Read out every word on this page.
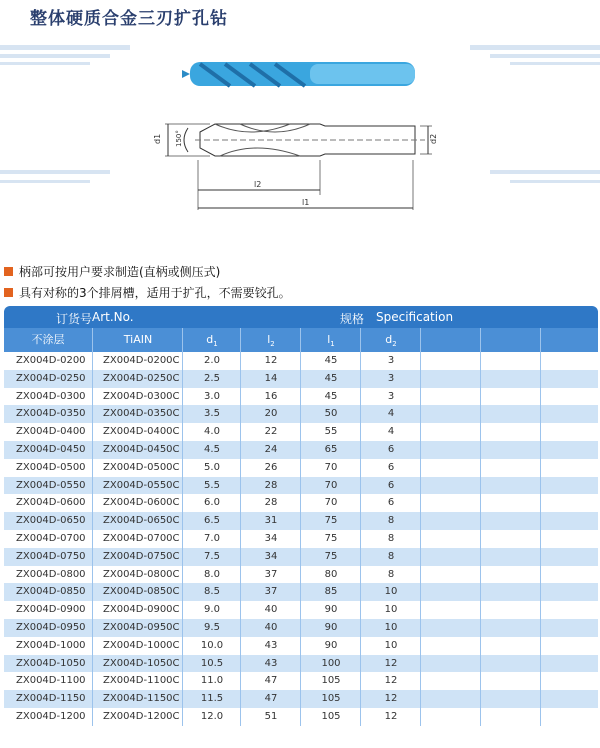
整体硬质合金三刃扩孔钻
d1 150°	d2
l2
l1
柄部可按用户要求制造(直柄或侧压式)
具有对称的3个排屑槽，适用于扩孔，不需要铰孔。
订货号 Art.No.	规格 Specification
不涂层	TiAIN	$d_1$	$l_2$	$l_1$	$d_2$
ZX004D-0200	ZX004D-0200C	2.0	12	45	3
ZX004D-0250	ZX004D-0250C	2.5	14	45	3
ZX004D-0300	ZX004D-0300C	3.0	16	45	3
ZX004D-0350	ZX004D-0350C	3.5	20	50	4
ZX004D-0400	ZX004D-0400C	4.0	22	55	4
ZX004D-0450	ZX004D-0450C	4.5	24	65	6
ZX004D-0500	ZX004D-0500C	5.0	26	70	6
ZX004D-0550	ZX004D-0550C	5.5	28	70	6
ZX004D-0600	ZX004D-0600C	6.0	28	70	6
ZX004D-0650	ZX004D-0650C	6.5	31	75	8
ZX004D-0700	ZX004D-0700C	7.0	34	75	8
ZX004D-0750	ZX004D-0750C	7.5	34	75	8
ZX004D-0800	ZX004D-0800C	8.0	37	80	8
ZX004D-0850	ZX004D-0850C	8.5	37	85	10
ZX004D-0900	ZX004D-0900C	9.0	40	90	10
ZX004D-0950	ZX004D-0950C	9.5	40	90	10
ZX004D-1000	ZX004D-1000C	10.0	43	90	10
ZX004D-1050	ZX004D-1050C	10.5	43	100	12
ZX004D-1100	ZX004D-1100C	11.0	47	105	12
ZX004D-1150	ZX004D-1150C	11.5	47	105	12
ZX004D-1200	ZX004D-1200C	12.0	51	105	12
